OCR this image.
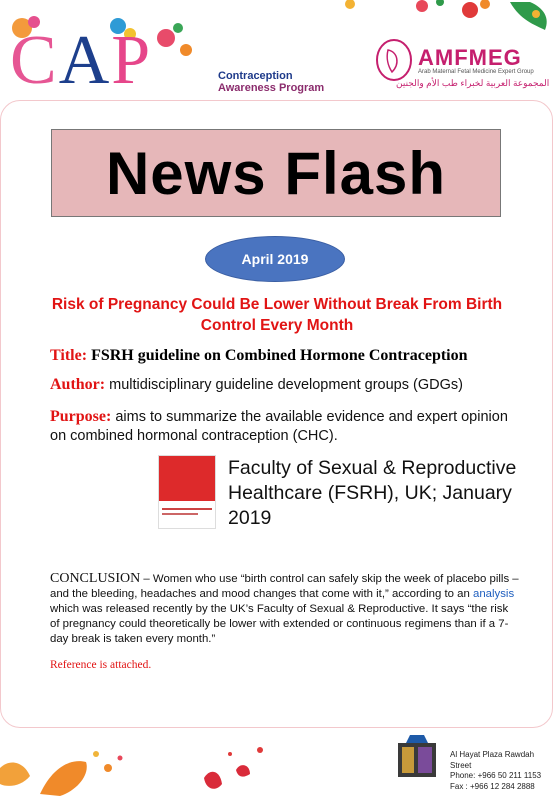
CAP	Contraception
Awareness Program
AMFMEG
Arab Maternal Fetal Medicine Expert Group
المجموعة العربية لخبراء طب الأم والجنين
News Flash
April 2019
Risk of Pregnancy Could Be Lower Without Break From Birth Control Every Month
Title: FSRH guideline on Combined Hormone Contraception
Author: multidisciplinary guideline development groups (GDGs)
Purpose: aims to summarize the available evidence and expert opinion on combined hormonal contraception (CHC).
Faculty of Sexual & Reproductive Healthcare (FSRH), UK; January 2019
CONCLUSION – Women who use “birth control can safely skip the week of placebo pills – and the bleeding, headaches and mood changes that come with it,” according to an analysis which was released recently by the UK’s Faculty of Sexual & Reproductive. It says “the risk of pregnancy could theoretically be lower with extended or continuous regimens than if a 7-day break is taken every month.”
Reference is attached.
Al Hayat Plaza Rawdah Street
Phone: +966 50 211 1153
Fax : +966 12 284 2888
